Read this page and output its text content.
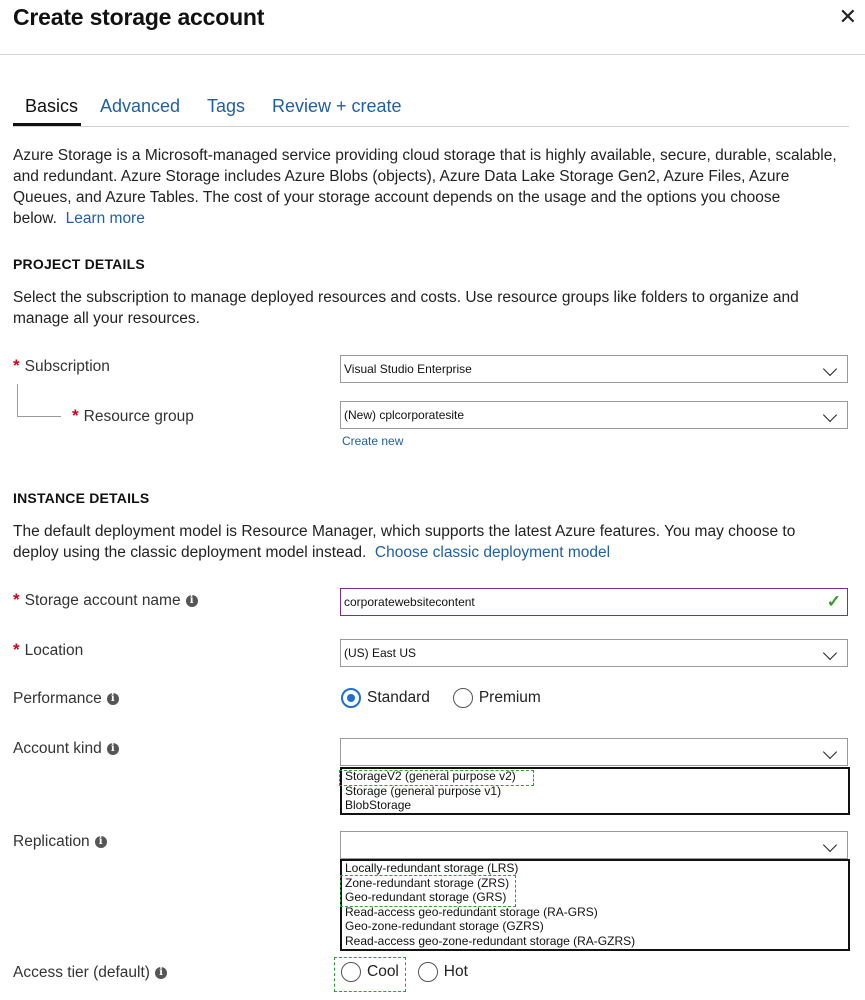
Create storage account	✕
Basics Advanced Tags Review + create
Azure Storage is a Microsoft-managed service providing cloud storage that is highly available, secure, durable, scalable, and redundant. Azure Storage includes Azure Blobs (objects), Azure Data Lake Storage Gen2, Azure Files, Azure Queues, and Azure Tables. The cost of your storage account depends on the usage and the options you choose below. Learn more
PROJECT DETAILS
Select the subscription to manage deployed resources and costs. Use resource groups like folders to organize and manage all your resources.
* Subscription	Visual Studio Enterprise
* Resource group	(New) cplcorporatesite
Create new
INSTANCE DETAILS
The default deployment model is Resource Manager, which supports the latest Azure features. You may choose to deploy using the classic deployment model instead. Choose classic deployment model
* Storage account name i	corporatewebsitecontent	✓
* Location	(US) East US
Performance i	Standard	Premium
Account kind i
StorageV2 (general purpose v2)
Storage (general purpose v1)
BlobStorage
Replication i
Locally-redundant storage (LRS)
Zone-redundant storage (ZRS)
Geo-redundant storage (GRS)
Read-access geo-redundant storage (RA-GRS)
Geo-zone-redundant storage (GZRS)
Read-access geo-zone-redundant storage (RA-GZRS)
Access tier (default) i	Cool	Hot
